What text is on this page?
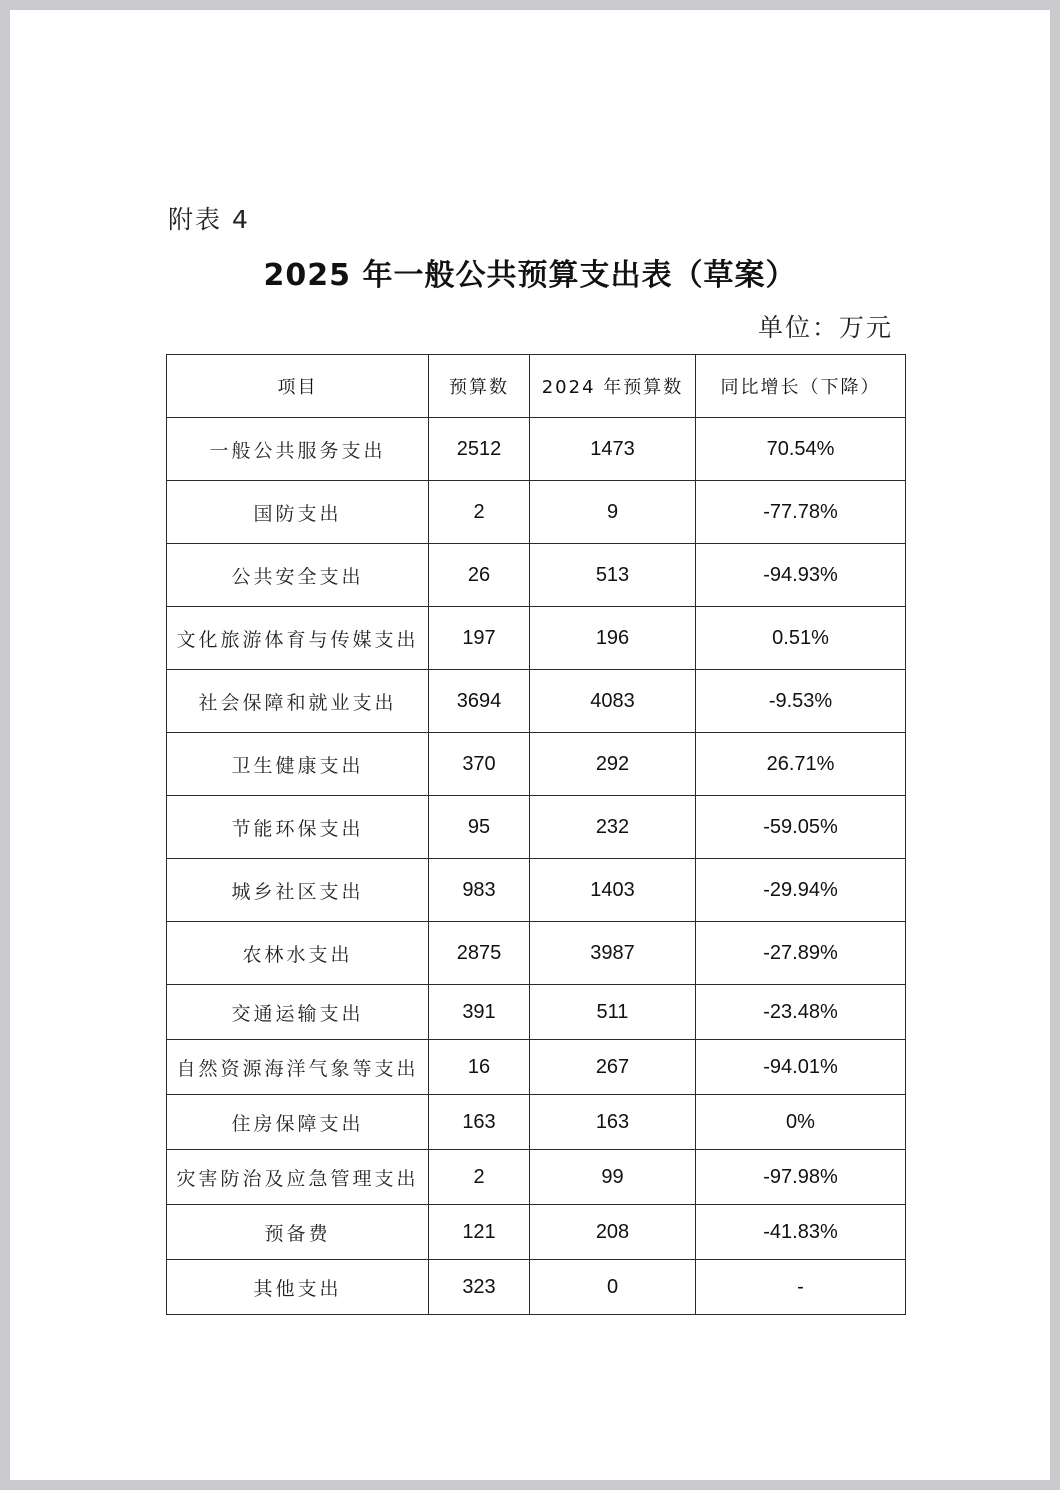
附表 4
2025 年一般公共预算支出表（草案）
单位：万元
项目	预算数	2024 年预算数	同比增长（下降）
一般公共服务支出	2512	1473	70.54%
国防支出	2	9	-77.78%
公共安全支出	26	513	-94.93%
文化旅游体育与传媒支出	197	196	0.51%
社会保障和就业支出	3694	4083	-9.53%
卫生健康支出	370	292	26.71%
节能环保支出	95	232	-59.05%
城乡社区支出	983	1403	-29.94%
农林水支出	2875	3987	-27.89%
交通运输支出	391	511	-23.48%
自然资源海洋气象等支出	16	267	-94.01%
住房保障支出	163	163	0%
灾害防治及应急管理支出	2	99	-97.98%
预备费	121	208	-41.83%
其他支出	323	0	-
